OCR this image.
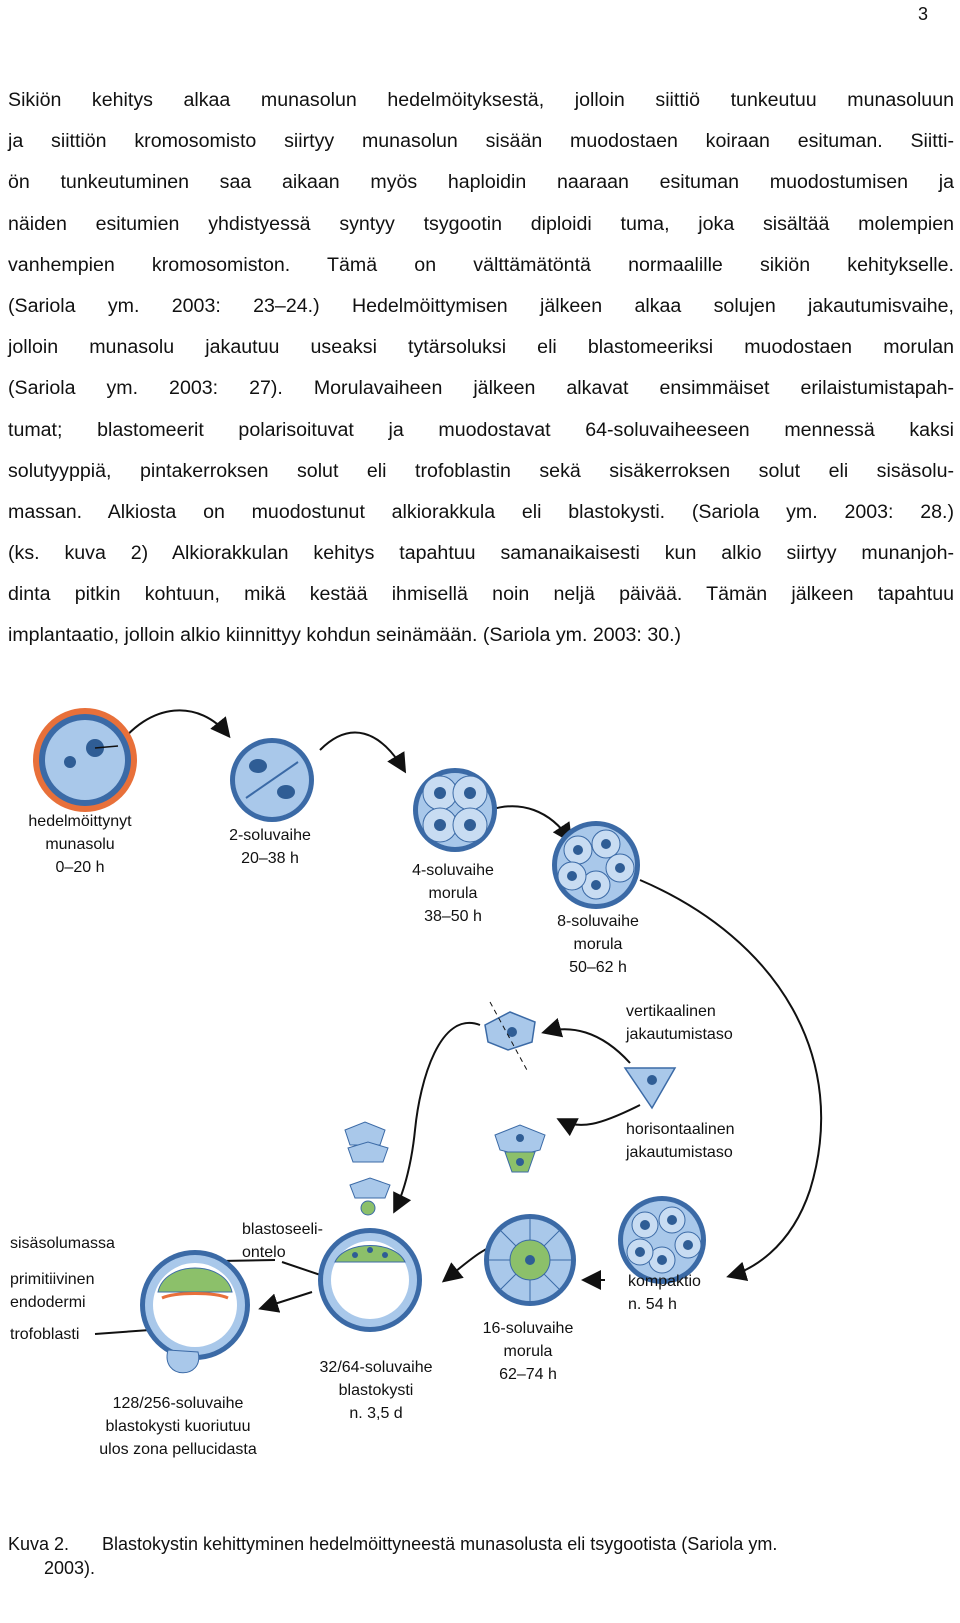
3
Sikiön kehitys alkaa munasolun hedelmöityksestä, jolloin siittiö tunkeutuu munasoluun
ja siittiön kromosomisto siirtyy munasolun sisään muodostaen koiraan esituman. Siitti-
ön tunkeutuminen saa aikaan myös haploidin naaraan esituman muodostumisen ja
näiden esitumien yhdistyessä syntyy tsygootin diploidi tuma, joka sisältää molempien
vanhempien kromosomiston. Tämä on välttämätöntä normaalille sikiön kehitykselle.
(Sariola ym. 2003: 23–24.) Hedelmöittymisen jälkeen alkaa solujen jakautumisvaihe,
jolloin munasolu jakautuu useaksi tytärsoluksi eli blastomeeriksi muodostaen morulan
(Sariola ym. 2003: 27). Morulavaiheen jälkeen alkavat ensimmäiset erilaistumistapah-
tumat; blastomeerit polarisoituvat ja muodostavat 64-soluvaiheeseen mennessä kaksi
solutyyppiä, pintakerroksen solut eli trofoblastin sekä sisäkerroksen solut eli sisäsolu-
massan. Alkiosta on muodostunut alkiorakkula eli blastokysti. (Sariola ym. 2003: 28.)
(ks. kuva 2) Alkiorakkulan kehitys tapahtuu samanaikaisesti kun alkio siirtyy munanjoh-
dinta pitkin kohtuun, mikä kestää ihmisellä noin neljä päivää. Tämän jälkeen tapahtuu
implantaatio, jolloin alkio kiinnittyy kohdun seinämään. (Sariola ym. 2003: 30.)
hedelmöittynyt munasolu 0–20 h
2-soluvaihe 20–38 h
4-soluvaihe morula 38–50 h	8-soluvaihe morula 50–62 h
vertikaalinen jakautumistaso
horisontaalinen jakautumistaso
kompaktio n. 54 h
16-soluvaihe morula 62–74 h
32/64-soluvaihe blastokysti n. 3,5 d
blastoseeli-ontelo
128/256-soluvaihe blastokysti kuoriutuu ulos zona pellucidasta
sisäsolumassa
primitiivinen endodermi
trofoblasti
Kuva 2. Blastokystin kehittyminen hedelmöittyneestä munasolusta eli tsygootista (Sariola ym.
2003).
